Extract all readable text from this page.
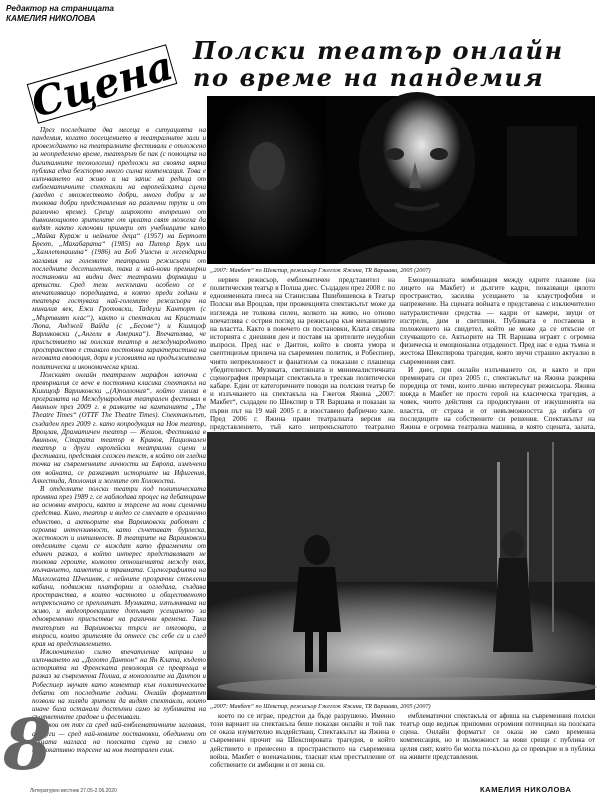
Редактор на страницата
КАМЕЛИЯ НИКОЛОВА
Сцена Полски театър онлайн
по време на пандемия
„2007: Макбет“ по Шекспир, режисьор Гжегож Яжина, TR Варшава, 2005 (2007)

През последните два месеца в ситуацията на пандемия, когато посещението в театралните зали и провеждането на театралните фестивали е отложено за неопределено време, театърът бе пак (с помощта на дигиталните технологии) предложи на своята вярна публика една безспорно много силна компенсация. Това е излъчването на живо и на запис на редица от емблематичните спектакли на европейската сцена (заедно с множеството добри, много добри и не толкова добри представления на различни трупи и от различно време). Срещу широкото вътрешно от дивномощното зрителите от цялата свят можеха да видят както ключови примери от учебниците като „Майка Кураж и нейните деца“ (1957) на Бертолт Брехт, „Махабарата“ (1985) на Питър Брук или „Хамлетмашина“ (1986) на Боб Уилсън и легендарни заглавия на големите театрални режисьори от последните десетилетия, така и най-нови премиерни постановки на видни днес театрални формации и артисти. Сред тези нескъпани особено се е впечатляващо поредицата, в която преди години в театъра гостуваха най-големите режисьори на миналия век, Ежи Гротовски, Тадеуш Канторт (с „Мъртвият клас“), както и спектакли на Кристиан Люпа, Анджей Вайда (с „Бесове“) и Кшищоф Варликовски („Ангели в Америка“). Впечатлява, че присъствието на полския театър в международното пространство е станало постоянна характеристика на неговата еволюция, дори в условията на продължителна политическа и икономическа криза.

Полският онлайн театрален марафон започна с превърналия се вече в постоянна класика спектакъл на Кшищоф Варликовски „(А)поллония“, който излиза в програмата на Международния театрален фестивал в Авиньон през 2009 г. в рамките на кампанията „The Theatre Times“ (OTTF The Theatre Times). Спектакълът, създаден през 2009 г. като копродукция на Нов театър, Вроцлав, Драматичен театър — Жешов, Фестивала в Авиньон, Старата театър в Краков, Национален театър и други европейски театрални сцени и фестивали, представя сложен текст, в който от гледна точка на съвременните личности на Европа, измъчени от войната, се разказват историите на Ифигения, Алкестида, Аполония и жените от Холокоста.

В отделните полски театри под политическата промяна през 1989 г. се наблюдава процес на дебатиране на основни въпроси, както и търсене на нови сценични средства. Кино, театър и видео се смесват в органично единство, а актьорите във Варликовски работят с огромна интензивност, като съчетават бурлеска, жестокост и интимност. В театрите на Варликовски отделните сцени се виждат като фрагменти от единен разказ, в който интерес представляват не толкова героите, колкото отношенията между тях, мълчанието, паметта и травмата. Сценографията на Малгожата Шчешняк, с нейните прозрачни стъклени кабини, подвижни платформи и огледала, създава пространства, в които частното и общественото непрекъснато се преплитат. Музиката, изпълнявана на живо, и видеопроекциите допълват усещането за едновременно присъствие на различни времена. Така театърът на Варликовски търси не отговори, а въпроси, които зрителят да отнесе със себе си и след края на представлението.

Изключително силно впечатление направи и излъчването на „Делото Дантон“ на Ян Клата, където историята на Френската революция се превръща в разказ за съвременна Полша, а монолозите на Дантон и Робеспиер звучат като коментар към политическите дебати от последните години. Онлайн форматът позволи на хиляди зрители да видят спектакли, които иначе биха останали достъпни само за публиката на съответните градове и фестивали.

Някои от тях са сред най-емблематичните заглавия, а други — сред най-новите постановки, обединени от общата нагласа на полската сцена за смело и провокативно търсене на нов театрален език.

нервен режисьор, емблематичен представител на политическия театър в Полша днес. Създаден през 2008 г. по едноименната пиеса на Станислава Пшибишевска в Театър Полски във Вроцлав, при прожекцията спектакълът може да изглежда не толкова силен, колкото на живо, но отново впечатлява с острия поглед на режисьора към механизмите на властта. Както в повечето си постановки, Клата свързва историята с днешния ден и поставя на зрителите неудобни въпроси. Пред нас е Дантон, който в своята умора и скептицизъм прилича на съвременен политик, и Робеспиер, чиято непреклонност и фанатизъм са показани с плашеща убедителност. Музиката, светлината и минималистичната сценография превръщат спектакъла в трескав политически кабаре. Един от категоричните поводи на полския театър бе и излъчването на спектакъла на Гжегож Яжина „2007: Макбет“, създаден по Шекспир в TR Варшава и показан за първи път на 19 май 2005 г. в изоставено фабрично хале. Пред 2006 г. Яжина прави театралната версия на представлението, тъй като непрекъснатото театрално

Емоционалната комбинация между едрите планове (на лицето на Макбет) и дългите кадри, показващи цялото пространство, засилва усещането за клаустрофобия и напрежение. На сцената войната е представена с изключително натуралистични средства — кадри от камери, звуци от изстрели, дим и светлини. Публиката е поставена в положението на свидетел, който не може да се откъсне от случващото се. Актьорите на TR Варшава играят с огромна физическа и емоционална отдаденост. Пред нас е една тъмна и жестока Шекспирова трагедия, която звучи страшно актуално в съвременния свят.

И днес, при онлайн излъчването си, и както и при премиерата си през 2005 г., спектакълът на Яжина разкрива поредица от теми, които лично интересуват режисьора. Яжина вижда в Макбет не просто герой на класическа трагедия, а човек, чиито действия са продиктувани от изкушенията на властта, от страха и от невъзможността да избяга от последиците на собствените си решения. Спектакълът на Яжина е огромна театрална машина, в която сцената, залата,

„2007: Макбет“ по Шекспир, режисьор Гжегож Яжина, TR Варшава, 2005 (2007)

което по се играе, предстои да бъде разрушено. Именно този вариант на спектакъла беше показан онлайн и той пак се оказа изумително въздействащ. Спектакълът на Яжина е съвременен прочит на Шекспировата трагедия, в който действието е пренесено в пространството на съвременна война. Макбет е военачалник, тласнат към престъпление от собствените си амбиции и от жена си.

емблематични спектакъла от афиша на съвременния полски театър още веднъж припомни огромния потенциал на полската сцена. Онлайн форматът се оказа не само временна компенсация, но и възможност за нови срещи с публика от целия свят, която би могла по-късно да се превърне и в публика на живите представления.

8
Литературен вестник 27.05-2.06.2020	КАМЕЛИЯ НИКОЛОВА
